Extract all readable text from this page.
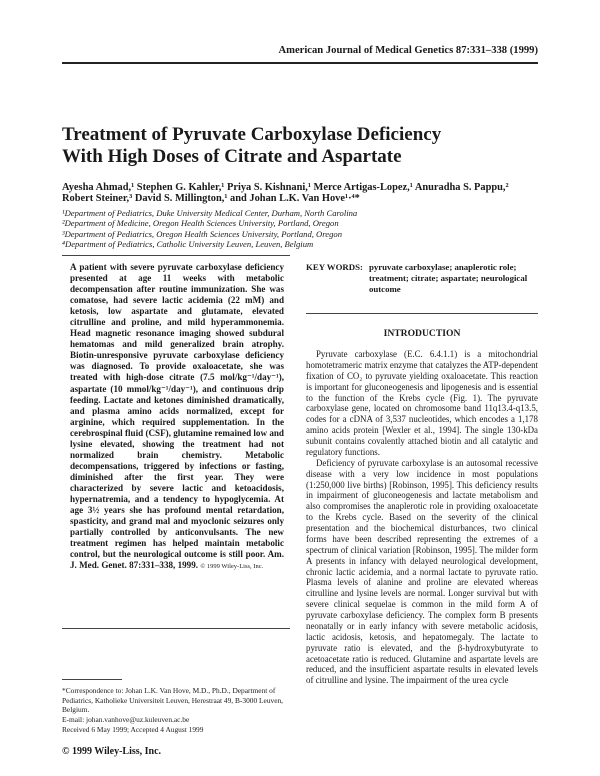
American Journal of Medical Genetics 87:331–338 (1999)
Treatment of Pyruvate Carboxylase Deficiency
With High Doses of Citrate and Aspartate
Ayesha Ahmad,¹ Stephen G. Kahler,¹ Priya S. Kishnani,¹ Merce Artigas-Lopez,¹ Anuradha S. Pappu,² Robert Steiner,³ David S. Millington,¹ and Johan L.K. Van Hove¹·⁴*
¹Department of Pediatrics, Duke University Medical Center, Durham, North Carolina
²Department of Medicine, Oregon Health Sciences University, Portland, Oregon
³Department of Pediatrics, Oregon Health Sciences University, Portland, Oregon
⁴Department of Pediatrics, Catholic University Leuven, Leuven, Belgium

A patient with severe pyruvate carboxylase deficiency presented at age 11 weeks with metabolic decompensation after routine immunization. She was comatose, had severe lactic acidemia (22 mM) and ketosis, low aspartate and glutamate, elevated citrulline and proline, and mild hyperammonemia. Head magnetic resonance imaging showed subdural hematomas and mild generalized brain atrophy. Biotin-unresponsive pyruvate carboxylase deficiency was diagnosed. To provide oxaloacetate, she was treated with high-dose citrate (7.5 mol/kg⁻¹/day⁻¹), aspartate (10 mmol/kg⁻¹/day⁻¹), and continuous drip feeding. Lactate and ketones diminished dramatically, and plasma amino acids normalized, except for arginine, which required supplementation. In the cerebrospinal fluid (CSF), glutamine remained low and lysine elevated, showing the treatment had not normalized brain chemistry. Metabolic decompensations, triggered by infections or fasting, diminished after the first year. They were characterized by severe lactic and ketoacidosis, hypernatremia, and a tendency to hypoglycemia. At age 3½ years she has profound mental retardation, spasticity, and grand mal and myoclonic seizures only partially controlled by anticonvulsants. The new treatment regimen has helped maintain metabolic control, but the neurological outcome is still poor. Am. J. Med. Genet. 87:331–338, 1999. © 1999 Wiley-Liss, Inc.

*Correspondence to: Johan L.K. Van Hove, M.D., Ph.D., Department of Pediatrics, Katholieke Universiteit Leuven, Herestraat 49, B-3000 Leuven, Belgium.
E-mail: johan.vanhove@uz.kuleuven.ac.be
Received 6 May 1999; Accepted 4 August 1999
© 1999 Wiley-Liss, Inc.
KEY WORDS: pyruvate carboxylase; anaplerotic role; treatment; citrate; aspartate; neurological outcome
INTRODUCTION

Pyruvate carboxylase (E.C. 6.4.1.1) is a mitochondrial homotetrameric matrix enzyme that catalyzes the ATP-dependent fixation of CO₂ to pyruvate yielding oxaloacetate. This reaction is important for gluconeogenesis and lipogenesis and is essential to the function of the Krebs cycle (Fig. 1). The pyruvate carboxylase gene, located on chromosome band 11q13.4-q13.5, codes for a cDNA of 3,537 nucleotides, which encodes a 1,178 amino acids protein [Wexler et al., 1994]. The single 130-kDa subunit contains covalently attached biotin and all catalytic and regulatory functions.

Deficiency of pyruvate carboxylase is an autosomal recessive disease with a very low incidence in most populations (1:250,000 live births) [Robinson, 1995]. This deficiency results in impairment of gluconeogenesis and lactate metabolism and also compromises the anaplerotic role in providing oxaloacetate to the Krebs cycle. Based on the severity of the clinical presentation and the biochemical disturbances, two clinical forms have been described representing the extremes of a spectrum of clinical variation [Robinson, 1995]. The milder form A presents in infancy with delayed neurological development, chronic lactic acidemia, and a normal lactate to pyruvate ratio. Plasma levels of alanine and proline are elevated whereas citrulline and lysine levels are normal. Longer survival but with severe clinical sequelae is common in the mild form A of pyruvate carboxylase deficiency. The complex form B presents neonatally or in early infancy with severe metabolic acidosis, lactic acidosis, ketosis, and hepatomegaly. The lactate to pyruvate ratio is elevated, and the β-hydroxybutyrate to acetoacetate ratio is reduced. Glutamine and aspartate levels are reduced, and the insufficient aspartate results in elevated levels of citrulline and lysine. The impairment of the urea cycle
